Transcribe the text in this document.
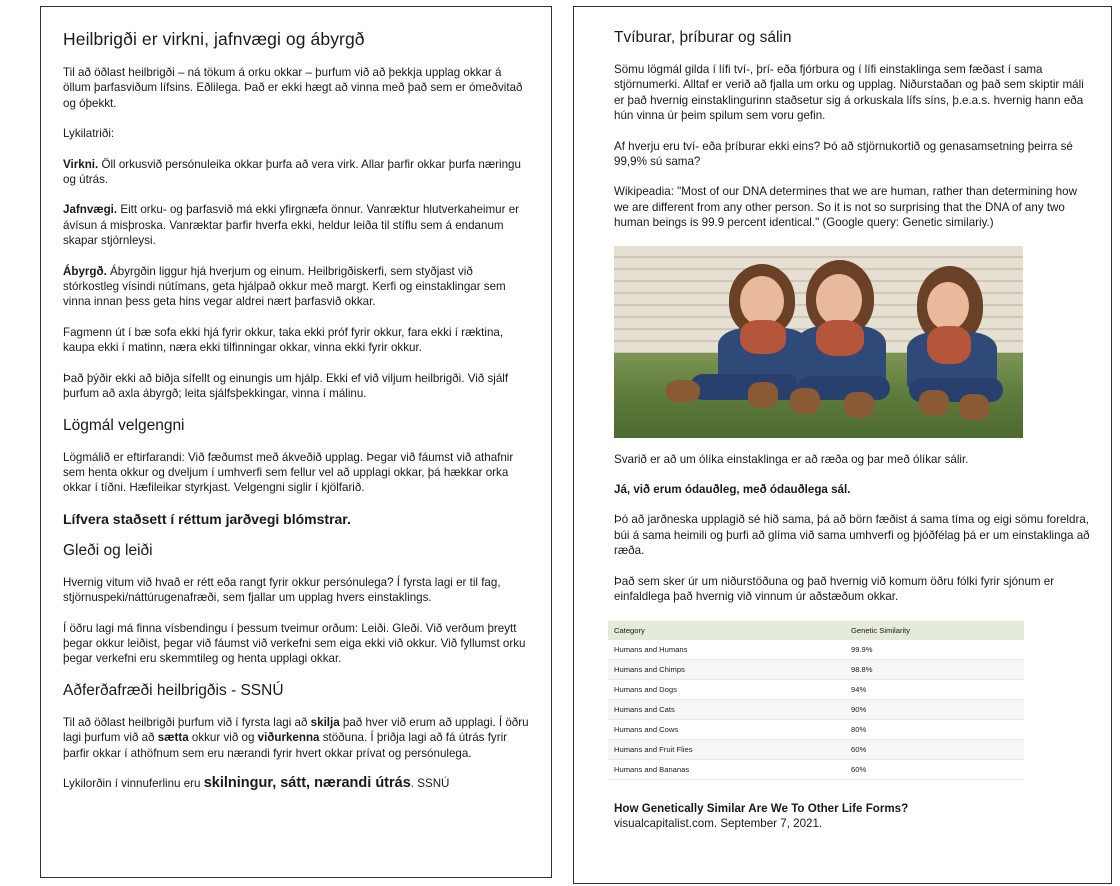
Heilbrigði er virkni, jafnvægi og ábyrgð

Til að öðlast heilbrigði – ná tökum á orku okkar – þurfum við að þekkja upplag okkar á öllum þarfasviðum lífsins. Eðlilega. Það er ekki hægt að vinna með það sem er ómeðvitað og óþekkt.

Lykilatriði:

Virkni. Öll orkusvið persónuleika okkar þurfa að vera virk. Allar þarfir okkar þurfa næringu og útrás.

Jafnvægi. Eitt orku- og þarfasvið má ekki yfirgnæfa önnur. Vanræktur hlutverkaheimur er ávísun á misþroska. Vanræktar þarfir hverfa ekki, heldur leiða til stíflu sem á endanum skapar stjórnleysi.

Ábyrgð. Ábyrgðin liggur hjá hverjum og einum. Heilbrigðiskerfi, sem styðjast við stórkostleg vísindi nútímans, geta hjálpað okkur með margt. Kerfi og einstaklingar sem vinna innan þess geta hins vegar aldrei nært þarfasvið okkar.

Fagmenn út í bæ sofa ekki hjá fyrir okkur, taka ekki próf fyrir okkur, fara ekki í ræktina, kaupa ekki í matinn, næra ekki tilfinningar okkar, vinna ekki fyrir okkur.

Það þýðir ekki að biðja sífellt og einungis um hjálp. Ekki ef við viljum heilbrigði. Við sjálf þurfum að axla ábyrgð; leita sjálfsþekkingar, vinna í málinu.

Lögmál velgengni

Lögmálið er eftirfarandi: Við fæðumst með ákveðið upplag. Þegar við fáumst við athafnir sem henta okkur og dveljum í umhverfi sem fellur vel að upplagi okkar, þá hækkar orka okkar í tíðni. Hæfileikar styrkjast. Velgengni siglir í kjölfarið.

Lífvera staðsett í réttum jarðvegi blómstrar.
Gleði og leiði

Hvernig vitum við hvað er rétt eða rangt fyrir okkur persónulega? Í fyrsta lagi er til fag, stjörnuspeki/náttúrugenafræði, sem fjallar um upplag hvers einstaklings.

Í öðru lagi má finna vísbendingu í þessum tveimur orðum: Leiði. Gleði. Við verðum þreytt þegar okkur leiðist, þegar við fáumst við verkefni sem eiga ekki við okkur. Við fyllumst orku þegar verkefni eru skemmtileg og henta upplagi okkar.

Aðferðafræði heilbrigðis - SSNÚ

Til að öðlast heilbrigði þurfum við í fyrsta lagi að skilja það hver við erum að upplagi. Í öðru lagi þurfum við að sætta okkur við og viðurkenna stöðuna. Í þriðja lagi að fá útrás fyrir þarfir okkar í athöfnum sem eru nærandi fyrir hvert okkar prívat og persónulega.

Lykilorðin í vinnuferlinu eru skilningur, sátt, nærandi útrás. SSNÚ

Tvíburar, þríburar og sálin

Sömu lögmál gilda í lífi tví-, þrí- eða fjórbura og í lífi einstaklinga sem fæðast í sama stjörnumerki. Alltaf er verið að fjalla um orku og upplag. Niðurstaðan og það sem skiptir máli er það hvernig einstaklingurinn staðsetur sig á orkuskala lífs síns, þ.e.a.s. hvernig hann eða hún vinna úr þeim spilum sem voru gefin.

Af hverju eru tví- eða þríburar ekki eins? Þó að stjörnukortið og genasamsetning þeirra sé 99,9% sú sama?

Wikipeadia: "Most of our DNA determines that we are human, rather than determining how we are different from any other person. So it is not so surprising that the DNA of any two human beings is 99.9 percent identical." (Google query: Genetic similariy.)

Svarið er að um ólíka einstaklinga er að ræða og þar með ólíkar sálir.

Já, við erum ódauðleg, með ódauðlega sál.

Þó að jarðneska upplagið sé hið sama, þá að börn fæðist á sama tíma og eigi sömu foreldra, búi á sama heimili og þurfi að glíma við sama umhverfi og þjóðfélag þá er um einstaklinga að ræða.

Það sem sker úr um niðurstöðuna og það hvernig við komum öðru fólki fyrir sjónum er einfaldlega það hvernig við vinnum úr aðstæðum okkar.

Category	Genetic Similarity
Humans and Humans	99.9%
Humans and Chimps	98.8%
Humans and Dogs	94%
Humans and Cats	90%
Humans and Cows	80%
Humans and Fruit Flies	60%
Humans and Bananas	60%
How Genetically Similar Are We To Other Life Forms?
visualcapitalist.com. September 7, 2021.
